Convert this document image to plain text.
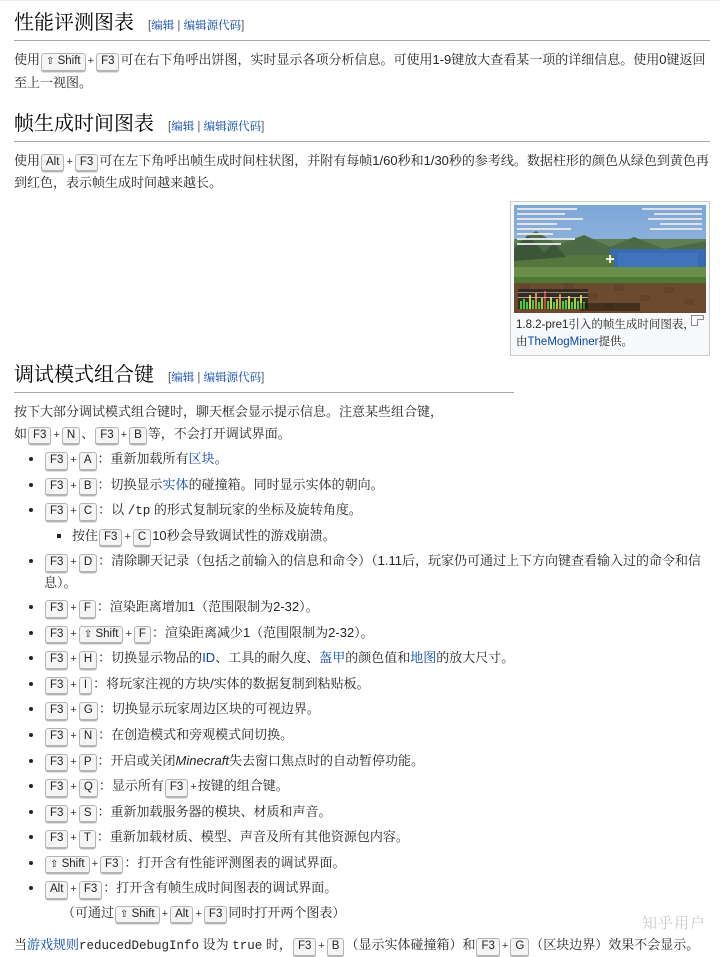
性能评测图表 [编辑 | 编辑源代码]

使用 ⇧ Shift + F3 可在右下角呼出饼图，实时显示各项分析信息。可使用1-9键放大查看某一项的详细信息。使用0键返回至上一视图。

帧生成时间图表 [编辑 | 编辑源代码]

使用 Alt + F3 可在左下角呼出帧生成时间柱状图，并附有每帧1/60秒和1/30秒的参考线。数据柱形的颜色从绿色到黄色再到红色，表示帧生成时间越来越长。

1.8.2-pre1引入的帧生成时间图表，由TheMogMiner提供。
调试模式组合键 [编辑 | 编辑源代码]

按下大部分调试模式组合键时，聊天框会显示提示信息。注意某些组合键，
如 F3 + N 、 F3 + B 等，不会打开调试界面。

• F3 + A ：重新加载所有区块。
• F3 + B ：切换显示实体的碰撞箱。同时显示实体的朝向。
• F3 + C ：以 /tp 的形式复制玩家的坐标及旋转角度。
▪ 按住 F3 + C 10秒会导致调试性的游戏崩溃。
• F3 + D ：清除聊天记录（包括之前输入的信息和命令）（1.11后，玩家仍可通过上下方向键查看输入过的命令和信息）。
• F3 + F ：渲染距离增加1（范围限制为2-32）。
• F3 + ⇧ Shift + F ：渲染距离减少1（范围限制为2-32）。
• F3 + H ：切换显示物品的ID、工具的耐久度、盔甲的颜色值和地图的放大尺寸。
• F3 + I ：将玩家注视的方块/实体的数据复制到粘贴板。
• F3 + G ：切换显示玩家周边区块的可视边界。
• F3 + N ：在创造模式和旁观模式间切换。
• F3 + P ：开启或关闭Minecraft失去窗口焦点时的自动暂停功能。
• F3 + Q ：显示所有 F3 +按键的组合键。
• F3 + S ：重新加载服务器的模块、材质和声音。
• F3 + T ：重新加载材质、模型、声音及所有其他资源包内容。
• ⇧ Shift + F3 ：打开含有性能评测图表的调试界面。
• Alt + F3 ：打开含有帧生成时间图表的调试界面。
（可通过 ⇧ Shift + Alt + F3 同时打开两个图表）

当游戏规则reducedDebugInfo 设为 true 时， F3 + B （显示实体碰撞箱）和 F3 + G （区块边界）效果不会显示。

知乎用户
